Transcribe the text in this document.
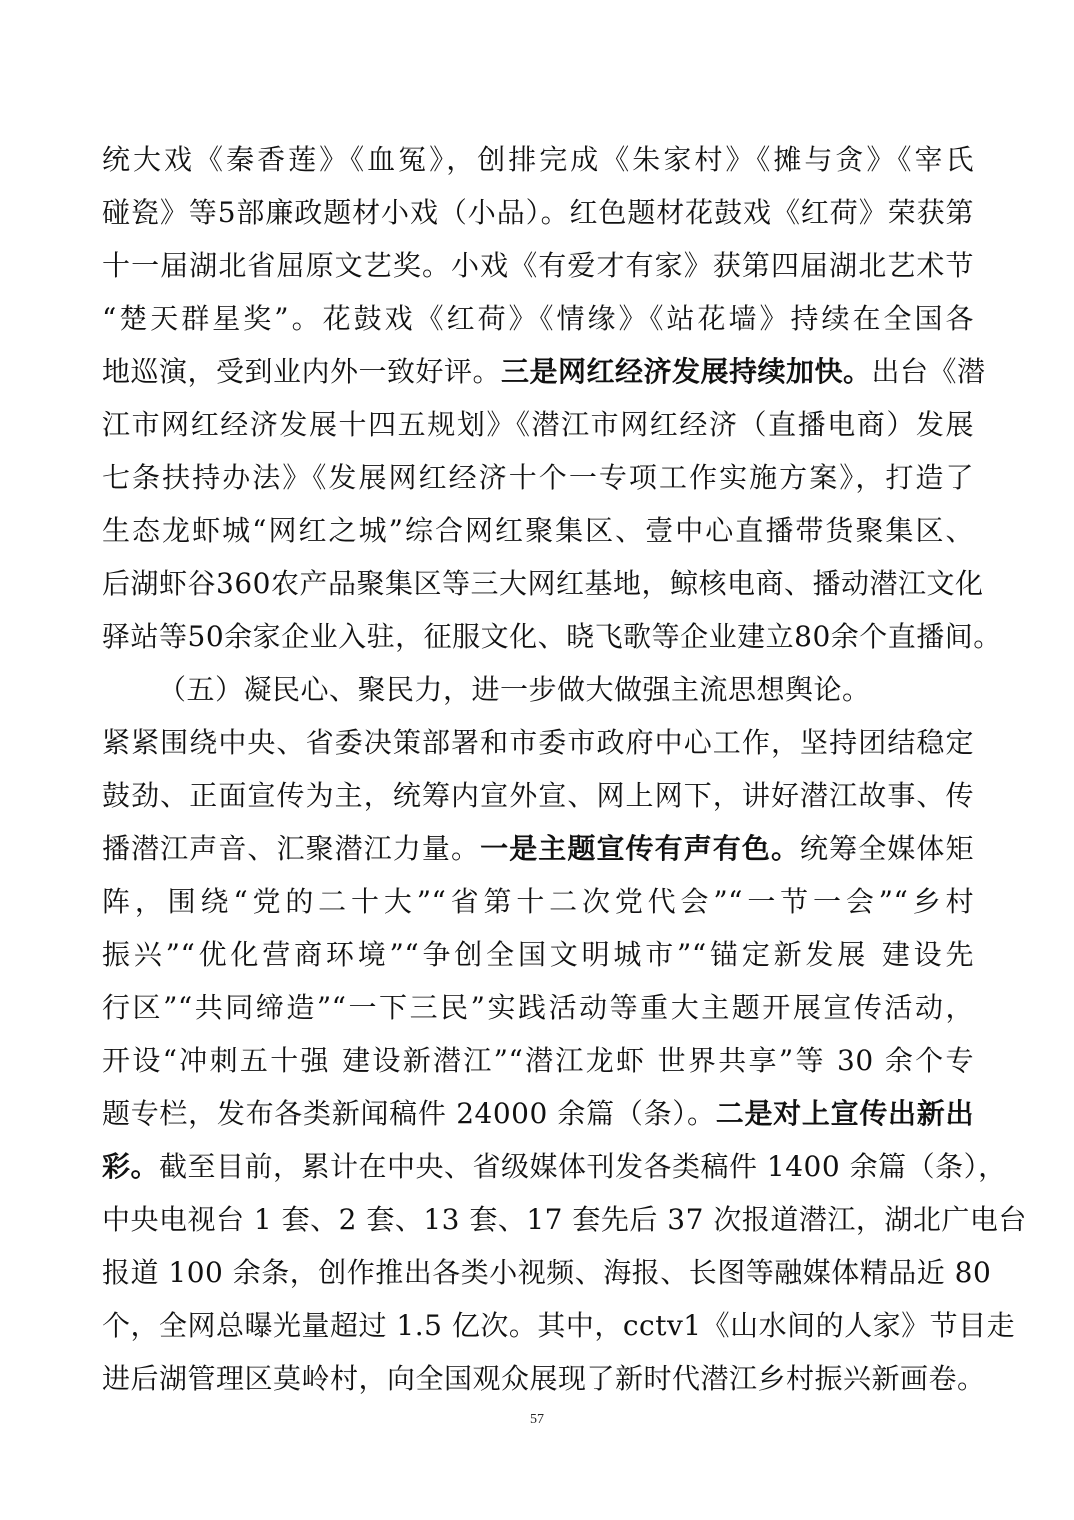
统大戏《秦香莲》《血冤》，创排完成《朱家村》《摊与贪》《宰氏
碰瓷》等5部廉政题材小戏（小品）。红色题材花鼓戏《红荷》荣获第
十一届湖北省屈原文艺奖。小戏《有爱才有家》获第四届湖北艺术节
“楚天群星奖”。花鼓戏《红荷》《情缘》《站花墙》持续在全国各
地巡演，受到业内外一致好评。三是网红经济发展持续加快。出台《潜
江市网红经济发展十四五规划》《潜江市网红经济（直播电商）发展
七条扶持办法》《发展网红经济十个一专项工作实施方案》，打造了
生态龙虾城“网红之城”综合网红聚集区、壹中心直播带货聚集区、
后湖虾谷360农产品聚集区等三大网红基地，鲸核电商、播动潜江文化
驿站等50余家企业入驻，征服文化、晓飞歌等企业建立80余个直播间。
（五）凝民心、聚民力，进一步做大做强主流思想舆论。
紧紧围绕中央、省委决策部署和市委市政府中心工作，坚持团结稳定
鼓劲、正面宣传为主，统筹内宣外宣、网上网下，讲好潜江故事、传
播潜江声音、汇聚潜江力量。一是主题宣传有声有色。统筹全媒体矩
阵，围绕“党的二十大”“省第十二次党代会”“一节一会”“乡村
振兴”“优化营商环境”“争创全国文明城市”“锚定新发展 建设先
行区”“共同缔造”“一下三民”实践活动等重大主题开展宣传活动，
开设“冲刺五十强 建设新潜江”“潜江龙虾 世界共享”等 30 余个专
题专栏，发布各类新闻稿件 24000 余篇（条）。二是对上宣传出新出
彩。截至目前，累计在中央、省级媒体刊发各类稿件 1400 余篇（条），
中央电视台 1 套、2 套、13 套、17 套先后 37 次报道潜江，湖北广电台
报道 100 余条，创作推出各类小视频、海报、长图等融媒体精品近 80
个，全网总曝光量超过 1.5 亿次。其中，cctv1《山水间的人家》节目走
进后湖管理区莫岭村，向全国观众展现了新时代潜江乡村振兴新画卷。
57
